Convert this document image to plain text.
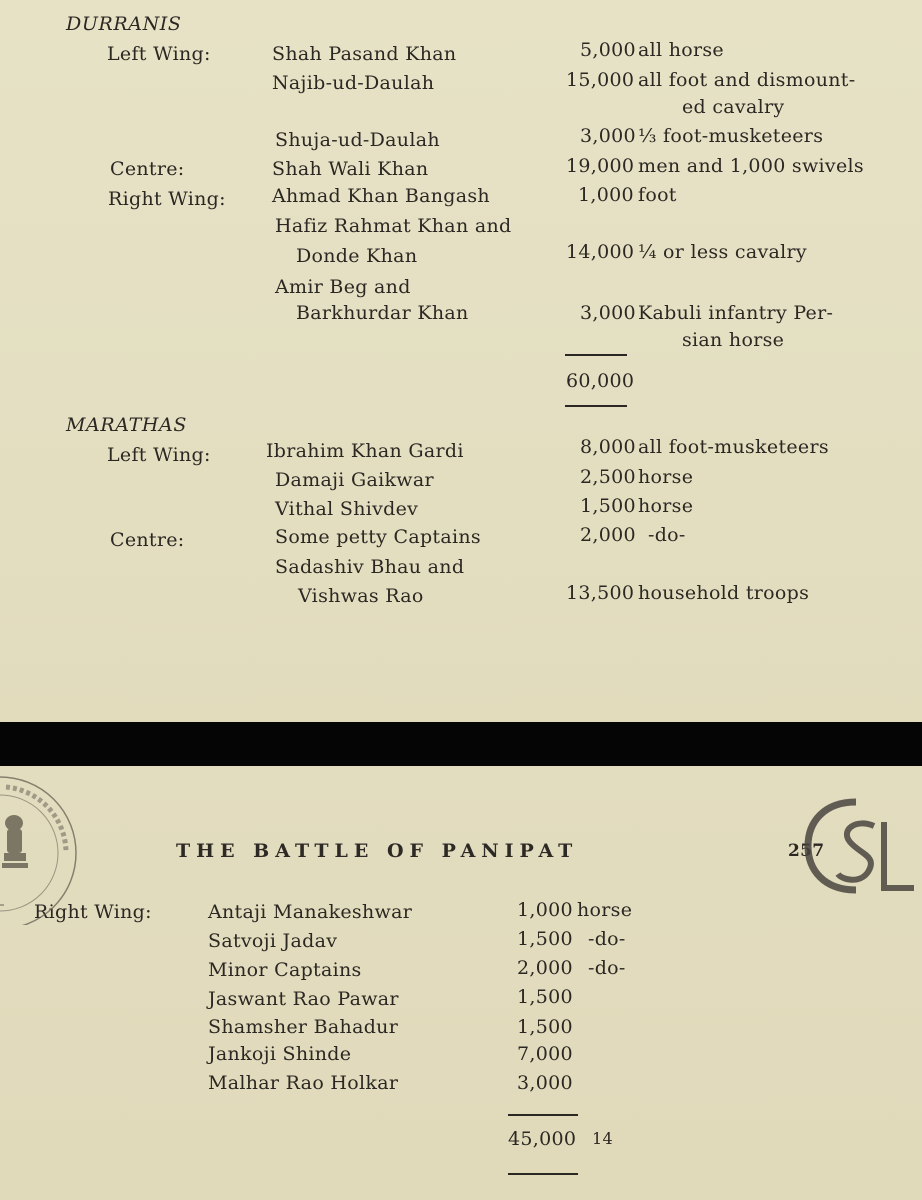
DURRANIS
Left Wing:	Shah Pasand Khan	5,000 all horse
Najib-ud-Daulah	15,000 all foot and dismount-
ed cavalry
Shuja-ud-Daulah	3,000 ⅓ foot-musketeers
Centre:	Shah Wali Khan	19,000 men and 1,000 swivels
Right Wing: Ahmad Khan Bangash	1,000 foot
Hafiz Rahmat Khan and
Donde Khan	14,000 ¼ or less cavalry
Amir Beg and
Barkhurdar Khan	3,000 Kabuli infantry Per-
sian horse
60,000
MARATHAS
Left Wing:	Ibrahim Khan Gardi	8,000 all foot-musketeers
Damaji Gaikwar	2,500 horse
Vithal Shivdev	1,500 horse
Centre:	Some petty Captains	2,000 -do-
Sadashiv Bhau and
Vishwas Rao	13,500 household troops
THE BATTLE OF PANIPAT	257
Right Wing:	Antaji Manakeshwar	1,000 horse
Satvoji Jadav	1,500 -do-
Minor Captains	2,000 -do-
Jaswant Rao Pawar	1,500
Shamsher Bahadur	1,500
Jankoji Shinde	7,000
Malhar Rao Holkar	3,000
45,000 14
